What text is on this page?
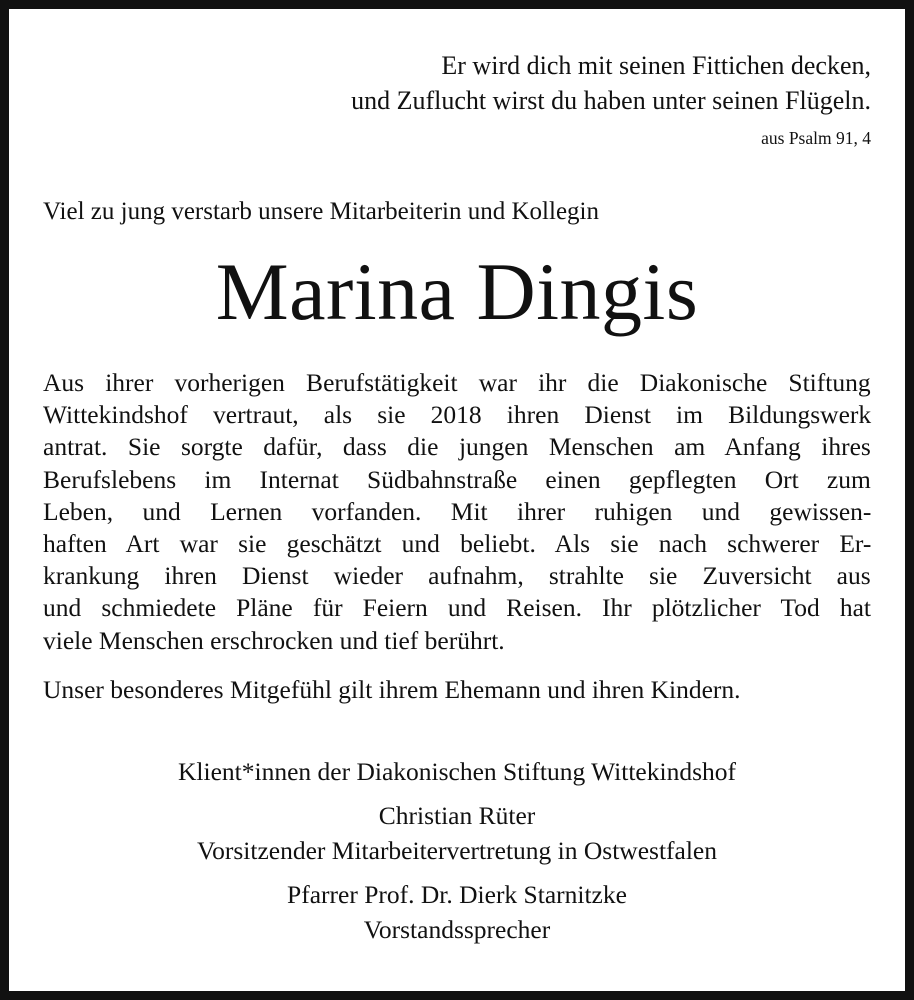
Er wird dich mit seinen Fittichen decken,
und Zuflucht wirst du haben unter seinen Flügeln.
aus Psalm 91, 4
Viel zu jung verstarb unsere Mitarbeiterin und Kollegin
Marina Dingis
Aus ihrer vorherigen Berufstätigkeit war ihr die Diakonische Stiftung
Wittekindshof vertraut, als sie 2018 ihren Dienst im Bildungswerk
antrat. Sie sorgte dafür, dass die jungen Menschen am Anfang ihres
Berufslebens im Internat Südbahnstraße einen gepflegten Ort zum
Leben, und Lernen vorfanden. Mit ihrer ruhigen und gewissen-
haften Art war sie geschätzt und beliebt. Als sie nach schwerer Er-
krankung ihren Dienst wieder aufnahm, strahlte sie Zuversicht aus
und schmiedete Pläne für Feiern und Reisen. Ihr plötzlicher Tod hat
viele Menschen erschrocken und tief berührt.
Unser besonderes Mitgefühl gilt ihrem Ehemann und ihren Kindern.
Klient*innen der Diakonischen Stiftung Wittekindshof
Christian Rüter
Vorsitzender Mitarbeitervertretung in Ostwestfalen
Pfarrer Prof. Dr. Dierk Starnitzke
Vorstandssprecher
